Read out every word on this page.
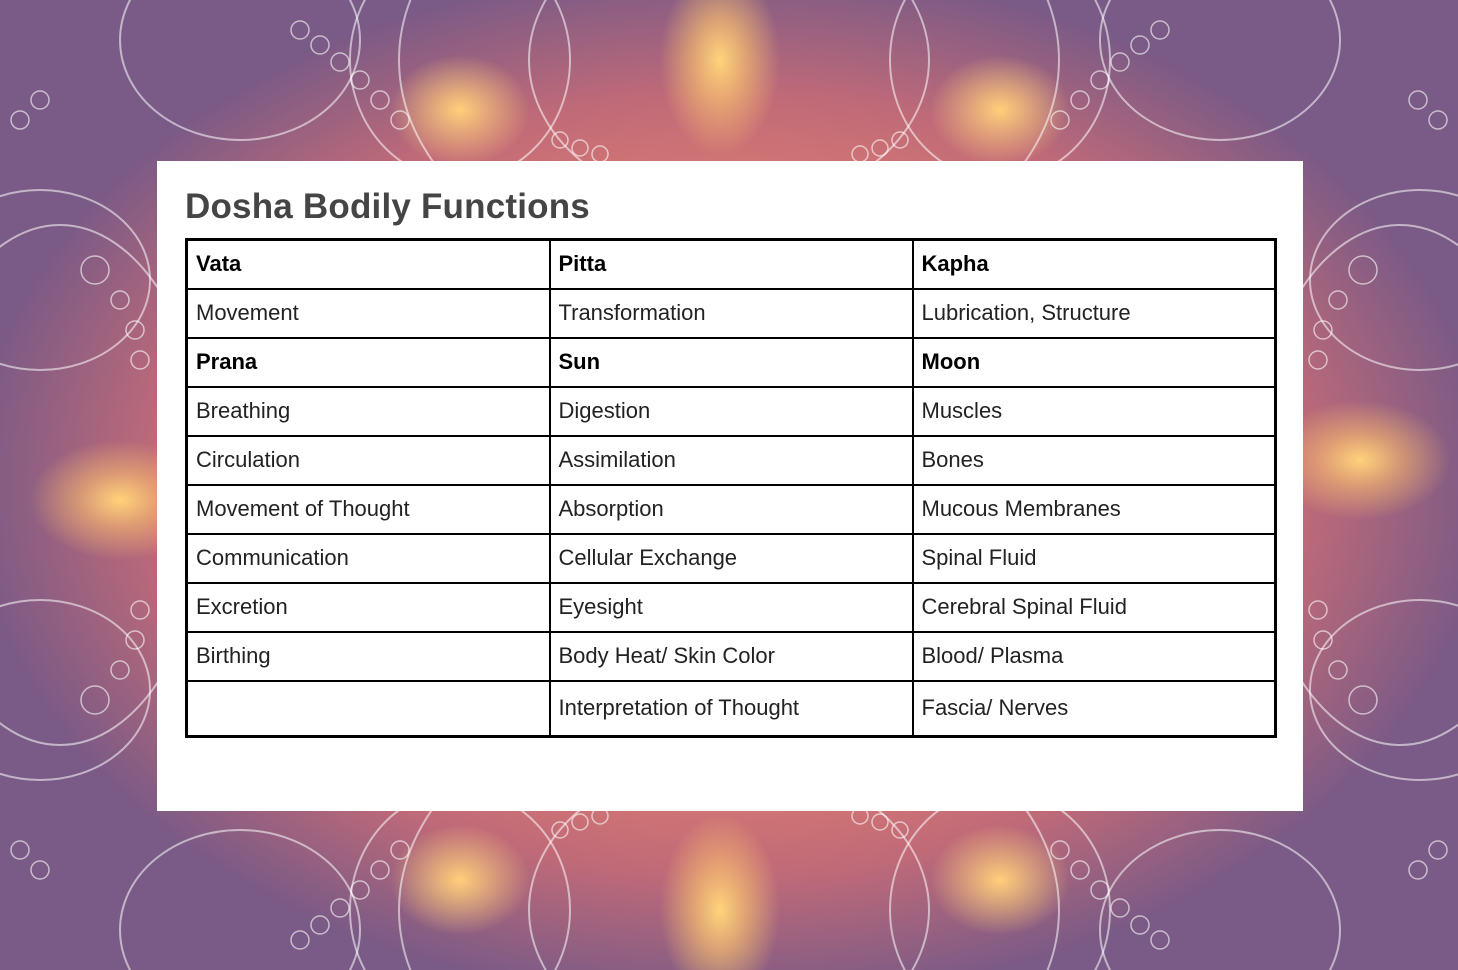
Dosha Bodily Functions
Vata	Pitta	Kapha
Movement	Transformation	Lubrication, Structure
Prana	Sun	Moon
Breathing	Digestion	Muscles
Circulation	Assimilation	Bones
Movement of Thought	Absorption	Mucous Membranes
Communication	Cellular Exchange	Spinal Fluid
Excretion	Eyesight	Cerebral Spinal Fluid
Birthing	Body Heat/ Skin Color	Blood/ Plasma
	Interpretation of Thought	Fascia/ Nerves
